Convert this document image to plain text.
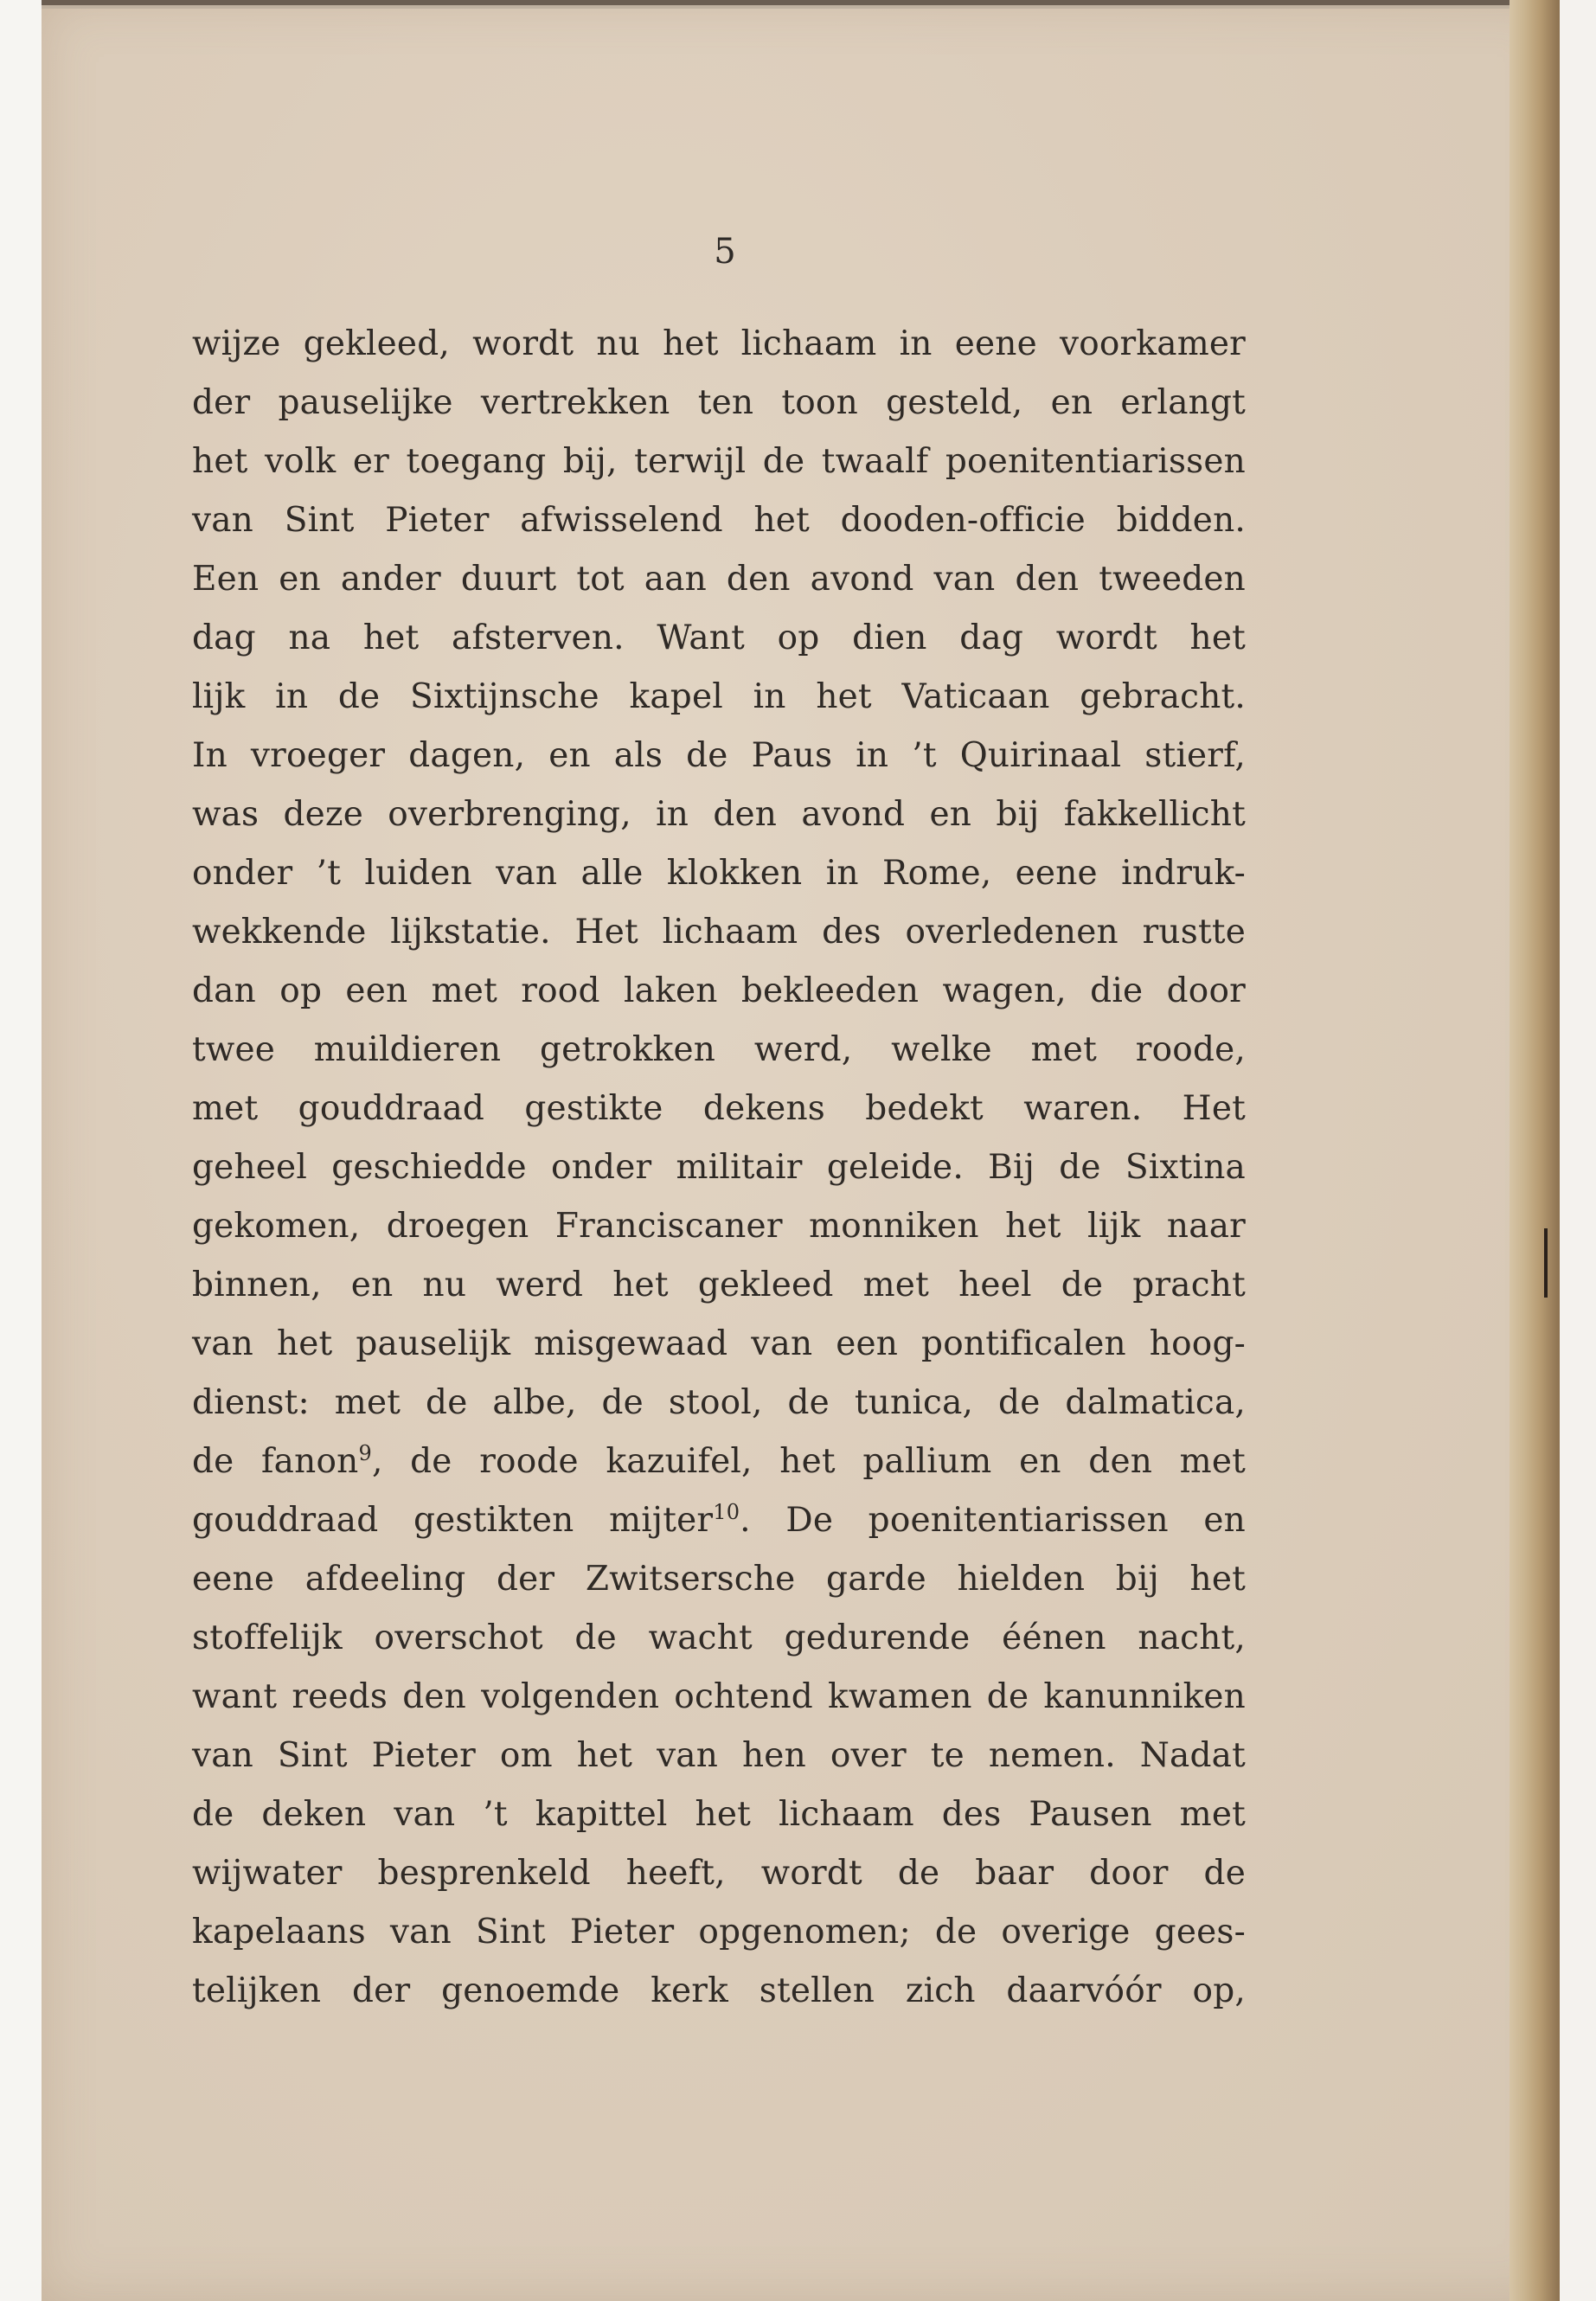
5
wijze gekleed, wordt nu het lichaam in eene voorkamer
der pauselijke vertrekken ten toon gesteld, en erlangt
het volk er toegang bij, terwijl de twaalf poenitentiarissen
van Sint Pieter afwisselend het dooden-officie bidden.
Een en ander duurt tot aan den avond van den tweeden
dag na het afsterven. Want op dien dag wordt het
lijk in de Sixtijnsche kapel in het Vaticaan gebracht.
In vroeger dagen, en als de Paus in ’t Quirinaal stierf,
was deze overbrenging, in den avond en bij fakkellicht
onder ’t luiden van alle klokken in Rome, eene indruk-
wekkende lijkstatie. Het lichaam des overledenen rustte
dan op een met rood laken bekleeden wagen, die door
twee muildieren getrokken werd, welke met roode,
met gouddraad gestikte dekens bedekt waren. Het
geheel geschiedde onder militair geleide. Bij de Sixtina
gekomen, droegen Franciscaner monniken het lijk naar
binnen, en nu werd het gekleed met heel de pracht
van het pauselijk misgewaad van een pontificalen hoog-
dienst: met de albe, de stool, de tunica, de dalmatica,
de fanon$^9$, de roode kazuifel, het pallium en den met
gouddraad gestikten mijter$^{10}$. De poenitentiarissen en
eene afdeeling der Zwitsersche garde hielden bij het
stoffelijk overschot de wacht gedurende éénen nacht,
want reeds den volgenden ochtend kwamen de kanunniken
van Sint Pieter om het van hen over te nemen. Nadat
de deken van ’t kapittel het lichaam des Pausen met
wijwater besprenkeld heeft, wordt de baar door de
kapelaans van Sint Pieter opgenomen; de overige gees-
telijken der genoemde kerk stellen zich daarvóór op,
